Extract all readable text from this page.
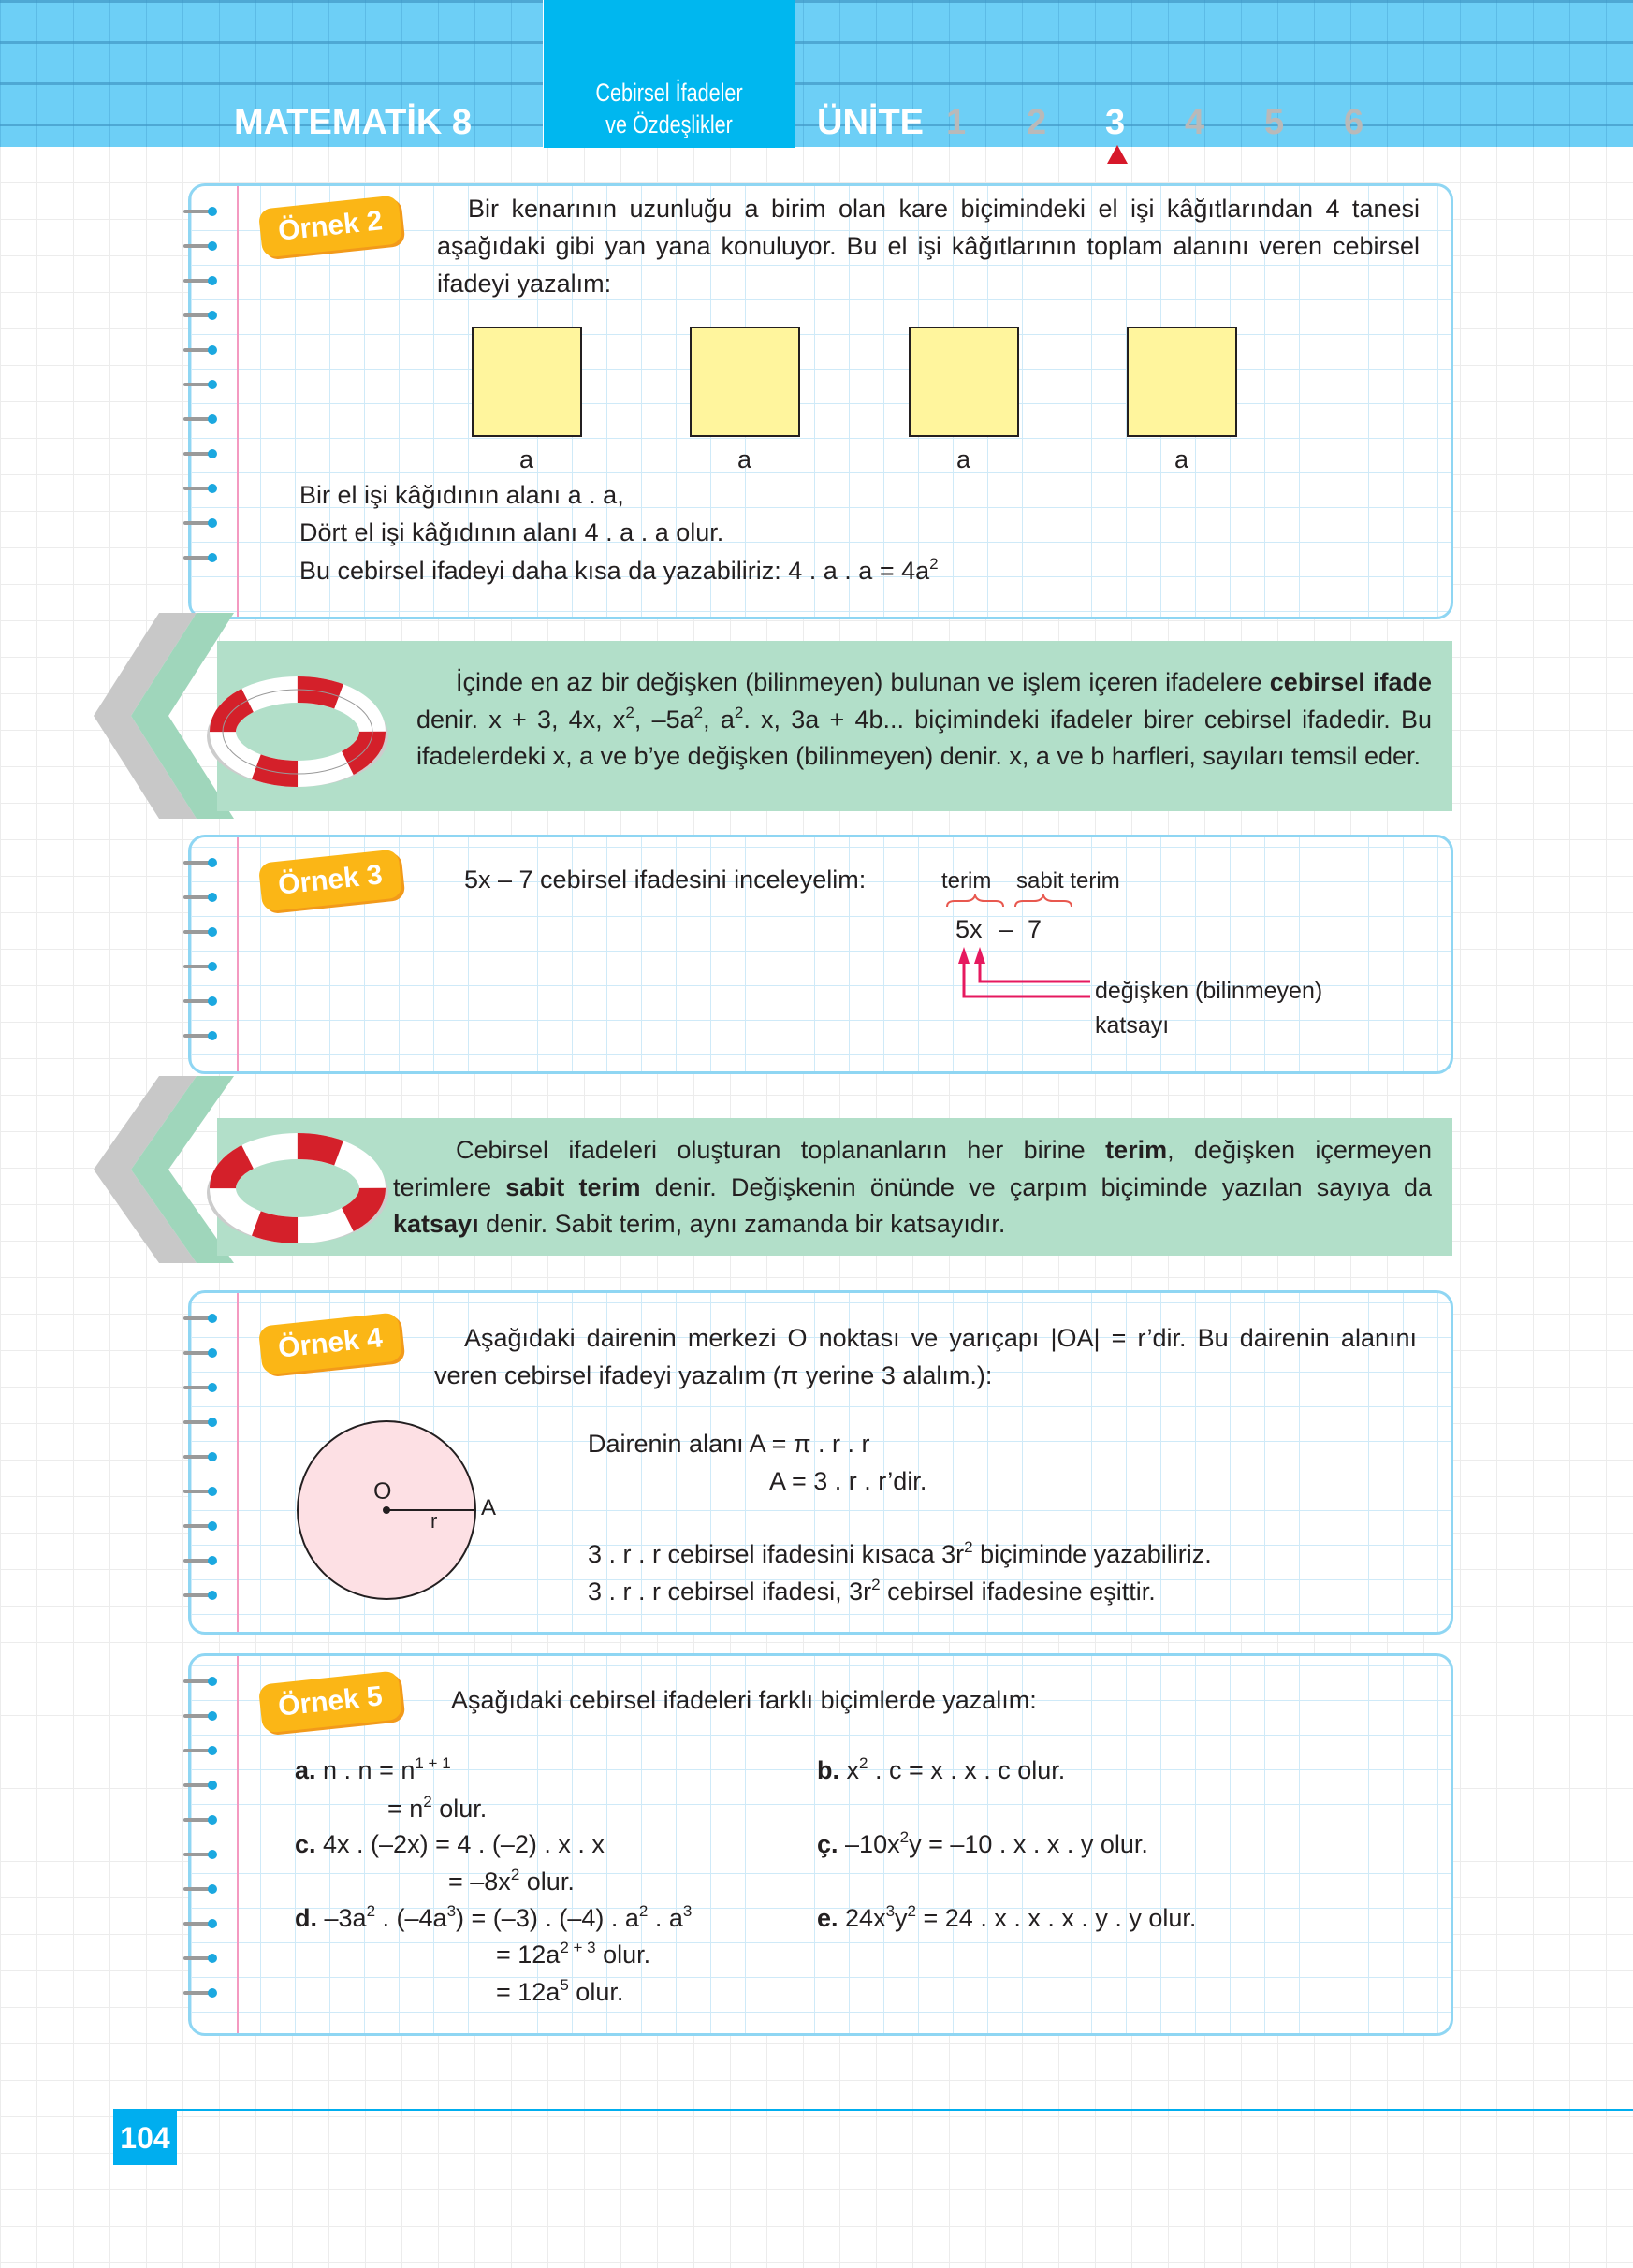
Cebirsel İfadeler
ve Özdeşlikler
MATEMATİK 8	ÜNİTE 1 2 3 4 5 6
Örnek 2	Bir kenarının uzunluğu a birim olan kare biçimindeki el işi kâğıtlarından 4 tanesi aşağıdaki gibi yan yana konuluyor. Bu el işi kâğıtlarının toplam alanını veren cebirsel ifadeyi yazalım:
a	a	a	a
Bir el işi kâğıdının alanı a . a,
Dört el işi kâğıdının alanı 4 . a . a olur.
Bu cebirsel ifadeyi daha kısa da yazabiliriz: 4 . a . $a = 4a^2$
İçinde en az bir değişken (bilinmeyen) bulunan ve işlem içeren ifadelere cebirsel ifade denir. x + 3, 4x, $x^2$, $-5a^2$, $a^2$. x, 3a + 4b... biçimindeki ifadeler birer cebirsel ifadedir. Bu ifadelerdeki x, a ve b’ye değişken (bilinmeyen) denir. x, a ve b harfleri, sayıları temsil eder.
Örnek 3	5x – 7 cebirsel ifadesini inceleyelim:	terim sabit terim
5x – 7
değişken (bilinmeyen)
katsayı
Cebirsel ifadeleri oluşturan toplananların her birine terim, değişken içermeyen terimlere sabit terim denir. Değişkenin önünde ve çarpım biçiminde yazılan sayıya da katsayı denir. Sabit terim, aynı zamanda bir katsayıdır.
Örnek 4	Aşağıdaki dairenin merkezi O noktası ve yarıçapı |OA| = r’dir. Bu dairenin alanını veren cebirsel ifadeyi yazalım (π yerine 3 alalım.):
O
r
A
Dairenin alanı A = π . r . r
A = 3 . r . r’dir.
3 . r . r cebirsel ifadesini kısaca $3r^2$ biçiminde yazabiliriz.
3 . r . r cebirsel ifadesi, $3r^2$ cebirsel ifadesine eşittir.
Örnek 5	Aşağıdaki cebirsel ifadeleri farklı biçimlerde yazalım:
a. n . $n = n^{1 + 1}$
= $n^2$ olur.
c. 4x . (–2x) = 4 . (–2) . x . x
= $-8x^2$ olur.
d. $-3a^2$ . $(-4a^3) = (-3)$ . (–4) . $a^2$ . $a^3$
= $12a^{2 + 3}$ olur.
= $12a^5$ olur.
b. $x^2$ . c = x . x . c olur.
ç. $-10x^2y = -10$ . x . x . y olur.
e. $24x^3y^2 = 24$ . x . x . x . y . y olur.
104
